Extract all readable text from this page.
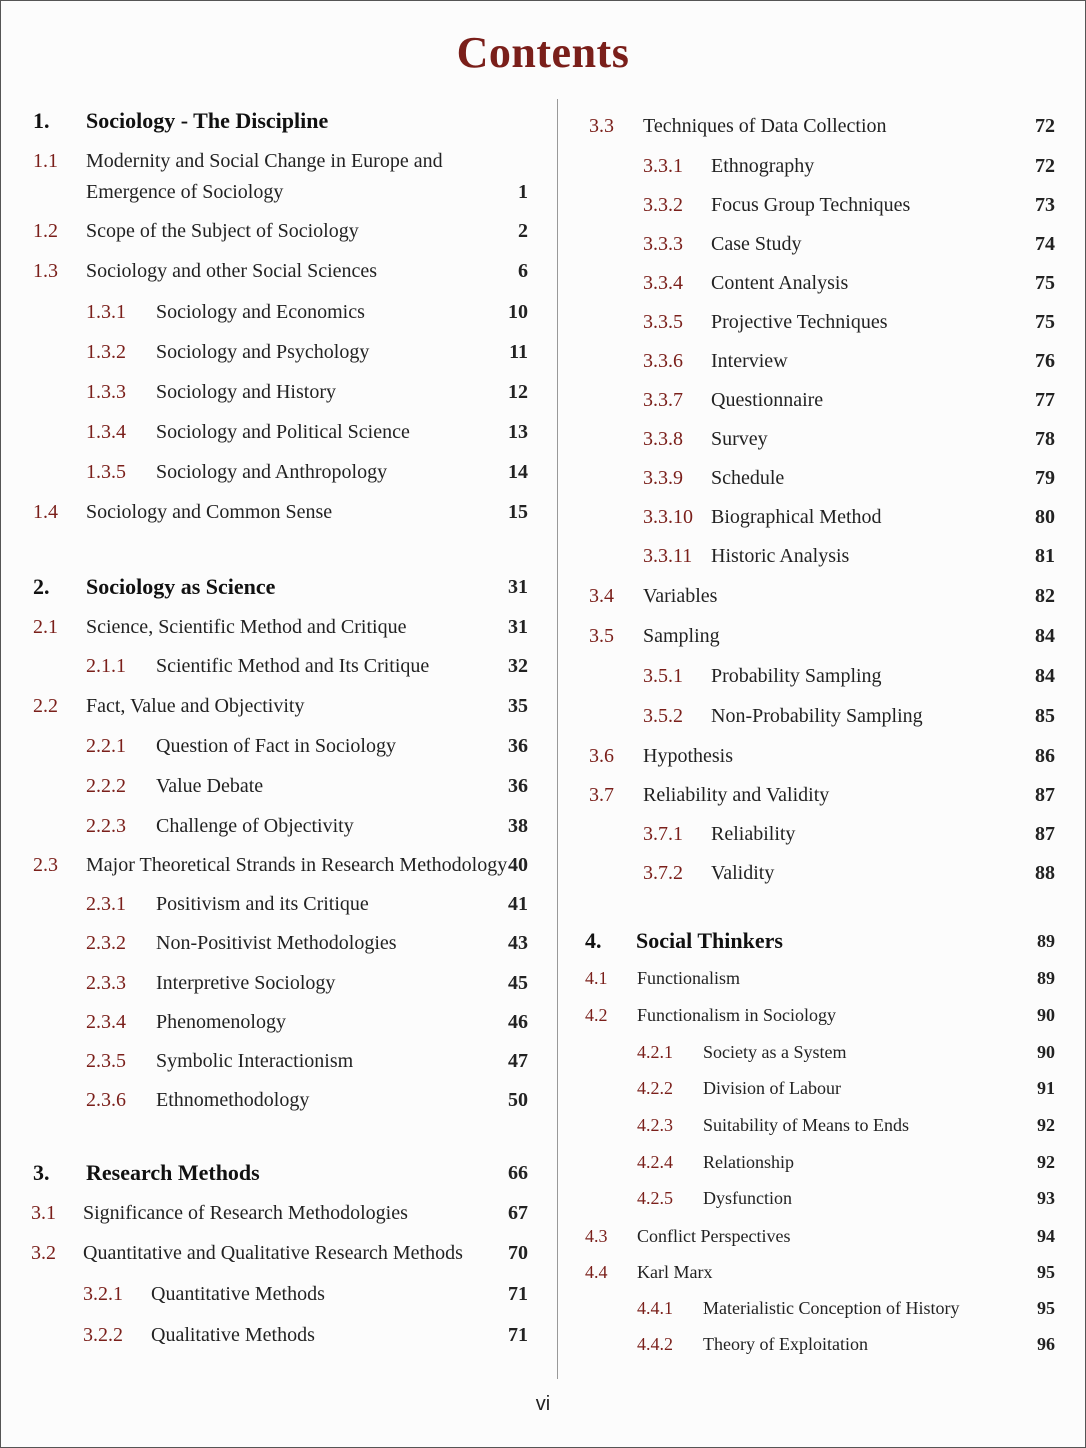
Contents
1. Sociology - The Discipline
1.1 Modernity and Social Change in Europe and
Emergence of Sociology	1
1.2 Scope of the Subject of Sociology	2
1.3 Sociology and other Social Sciences	6
1.3.1 Sociology and Economics	10
1.3.2 Sociology and Psychology	11
1.3.3 Sociology and History	12
1.3.4 Sociology and Political Science	13
1.3.5 Sociology and Anthropology	14
1.4 Sociology and Common Sense	15
2. Sociology as Science	31
2.1 Science, Scientific Method and Critique	31
2.1.1 Scientific Method and Its Critique	32
2.2 Fact, Value and Objectivity	35
2.2.1 Question of Fact in Sociology	36
2.2.2 Value Debate	36
2.2.3 Challenge of Objectivity	38
2.3 Major Theoretical Strands in Research Methodology 40
2.3.1 Positivism and its Critique	41
2.3.2 Non-Positivist Methodologies	43
2.3.3 Interpretive Sociology	45
2.3.4 Phenomenology	46
2.3.5 Symbolic Interactionism	47
2.3.6 Ethnomethodology	50
3. Research Methods	66
3.1 Significance of Research Methodologies	67
3.2 Quantitative and Qualitative Research Methods	70
3.2.1 Quantitative Methods	71
3.2.2 Qualitative Methods	71
3.3 Techniques of Data Collection	72
3.3.1 Ethnography	72
3.3.2 Focus Group Techniques	73
3.3.3 Case Study	74
3.3.4 Content Analysis	75
3.3.5 Projective Techniques	75
3.3.6 Interview	76
3.3.7 Questionnaire	77
3.3.8 Survey	78
3.3.9 Schedule	79
3.3.10 Biographical Method	80
3.3.11 Historic Analysis	81
3.4 Variables	82
3.5 Sampling	84
3.5.1 Probability Sampling	84
3.5.2 Non-Probability Sampling	85
3.6 Hypothesis	86
3.7 Reliability and Validity	87
3.7.1 Reliability	87
3.7.2 Validity	88
4. Social Thinkers	89
4.1 Functionalism	89
4.2 Functionalism in Sociology	90
4.2.1 Society as a System	90
4.2.2 Division of Labour	91
4.2.3 Suitability of Means to Ends	92
4.2.4 Relationship	92
4.2.5 Dysfunction	93
4.3 Conflict Perspectives	94
4.4 Karl Marx	95
4.4.1 Materialistic Conception of History	95
4.4.2 Theory of Exploitation	96
vi
